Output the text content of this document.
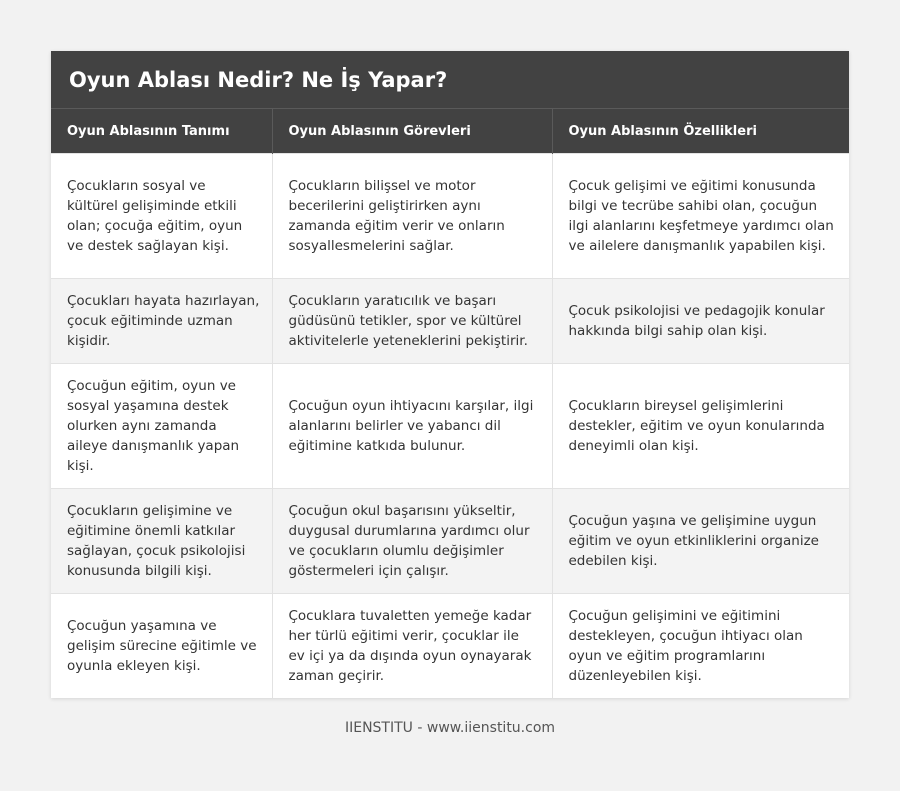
Oyun Ablası Nedir? Ne İş Yapar?
Oyun Ablasının Tanımı	Oyun Ablasının Görevleri	Oyun Ablasının Özellikleri
Çocukların sosyal ve kültürel gelişiminde etkili olan; çocuğa eğitim, oyun ve destek sağlayan kişi.	Çocukların bilişsel ve motor becerilerini geliştirirken aynı zamanda eğitim verir ve onların sosyallesmelerini sağlar.	Çocuk gelişimi ve eğitimi konusunda bilgi ve tecrübe sahibi olan, çocuğun ilgi alanlarını keşfetmeye yardımcı olan ve ailelere danışmanlık yapabilen kişi.
Çocukları hayata hazırlayan, çocuk eğitiminde uzman kişidir.	Çocukların yaratıcılık ve başarı güdüsünü tetikler, spor ve kültürel aktivitelerle yeteneklerini pekiştirir.	Çocuk psikolojisi ve pedagojik konular hakkında bilgi sahip olan kişi.
Çocuğun eğitim, oyun ve sosyal yaşamına destek olurken aynı zamanda aileye danışmanlık yapan kişi.	Çocuğun oyun ihtiyacını karşılar, ilgi alanlarını belirler ve yabancı dil eğitimine katkıda bulunur.	Çocukların bireysel gelişimlerini destekler, eğitim ve oyun konularında deneyimli olan kişi.
Çocukların gelişimine ve eğitimine önemli katkılar sağlayan, çocuk psikolojisi konusunda bilgili kişi.	Çocuğun okul başarısını yükseltir, duygusal durumlarına yardımcı olur ve çocukların olumlu değişimler göstermeleri için çalışır.	Çocuğun yaşına ve gelişimine uygun eğitim ve oyun etkinliklerini organize edebilen kişi.
Çocuğun yaşamına ve gelişim sürecine eğitimle ve oyunla ekleyen kişi.	Çocuklara tuvaletten yemeğe kadar her türlü eğitimi verir, çocuklar ile ev içi ya da dışında oyun oynayarak zaman geçirir.	Çocuğun gelişimini ve eğitimini destekleyen, çocuğun ihtiyacı olan oyun ve eğitim programlarını düzenleyebilen kişi.
IIENSTITU - www.iienstitu.com
